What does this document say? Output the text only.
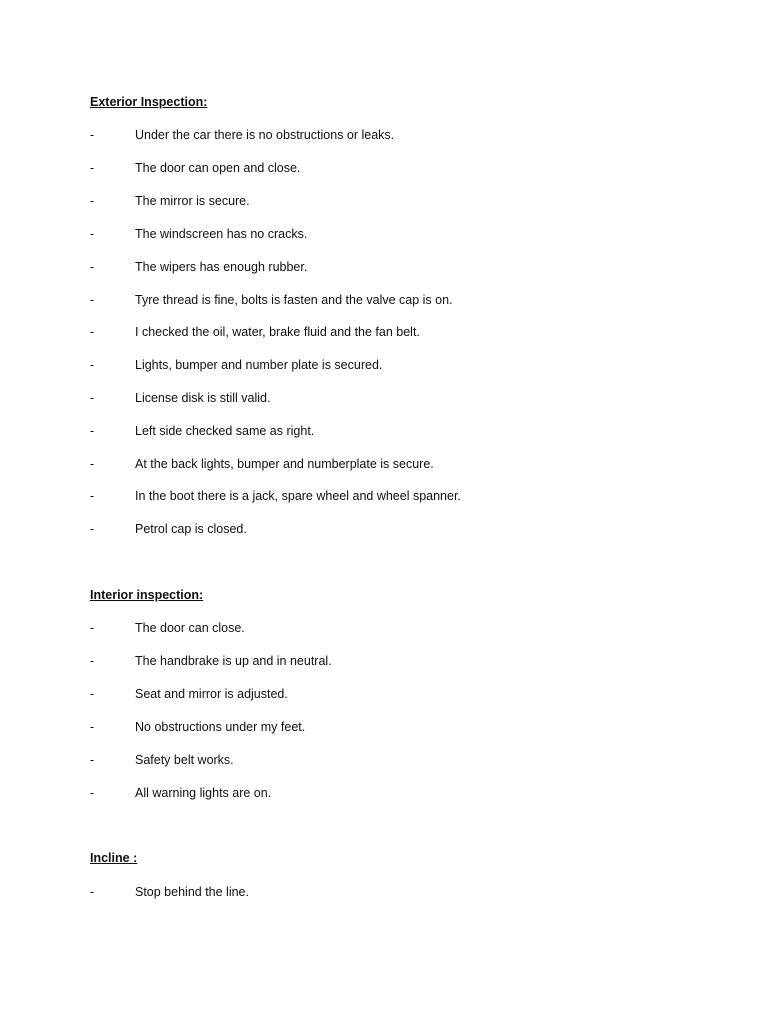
Exterior Inspection:
-	Under the car there is no obstructions or leaks.
-	The door can open and close.
-	The mirror is secure.
-	The windscreen has no cracks.
-	The wipers has enough rubber.
-	Tyre thread is fine, bolts is fasten and the valve cap is on.
-	I checked the oil, water, brake fluid and the fan belt.
-	Lights, bumper and number plate is secured.
-	License disk is still valid.
-	Left side checked same as right.
-	At the back lights, bumper and numberplate is secure.
-	In the boot there is a jack, spare wheel and wheel spanner.
-	Petrol cap is closed.
Interior inspection:
-	The door can close.
-	The handbrake is up and in neutral.
-	Seat and mirror is adjusted.
-	No obstructions under my feet.
-	Safety belt works.
-	All warning lights are on.
Incline :
-	Stop behind the line.
